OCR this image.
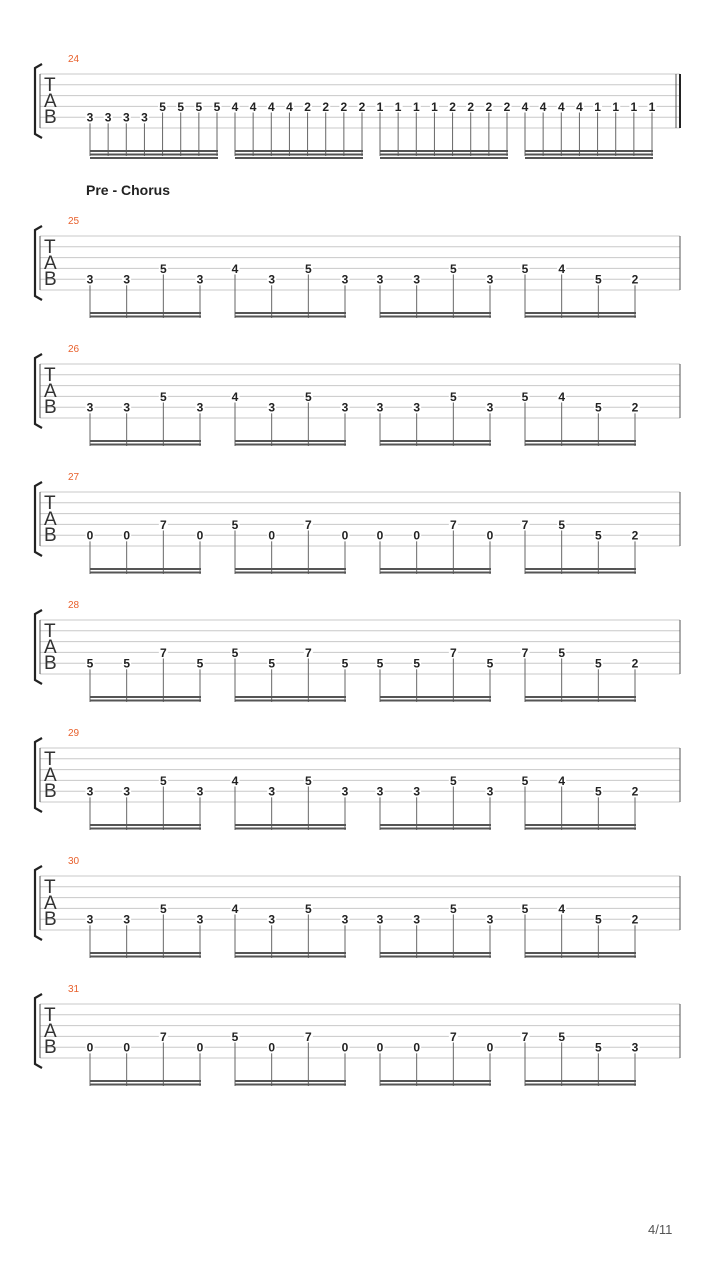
24
T
A
B 3 3 3 3
5 5 5 5 4 4 4 4 2 2 2 2 1 1 1 1 2 2 2 2 4 4 4 4 1 1 1 1
25
T
A
B 3 3
5
3
4
3
5
3 3 3
5
3
5 4
5 2
26
T
A
B 3 3
5
3
4
3
5
3 3 3
5
3
5 4
5 2
27
T
A
B 0 0
7
0
5
0
7
0 0 0
7
0
7 5
5 2
28
T
A
B 5 5
7
5
5
5
7
5 5 5
7
5
7 5
5 2
29
T
A
B 3 3
5
3
4
3
5
3 3 3
5
3
5 4
5 2
30
T
A
B 3 3
5
3
4
3
5
3 3 3
5
3
5 4
5 2
31
T
A
B 0 0
7
0
5
0
7
0 0 0
7
0
7 5
5 3
Pre - Chorus
4/11
